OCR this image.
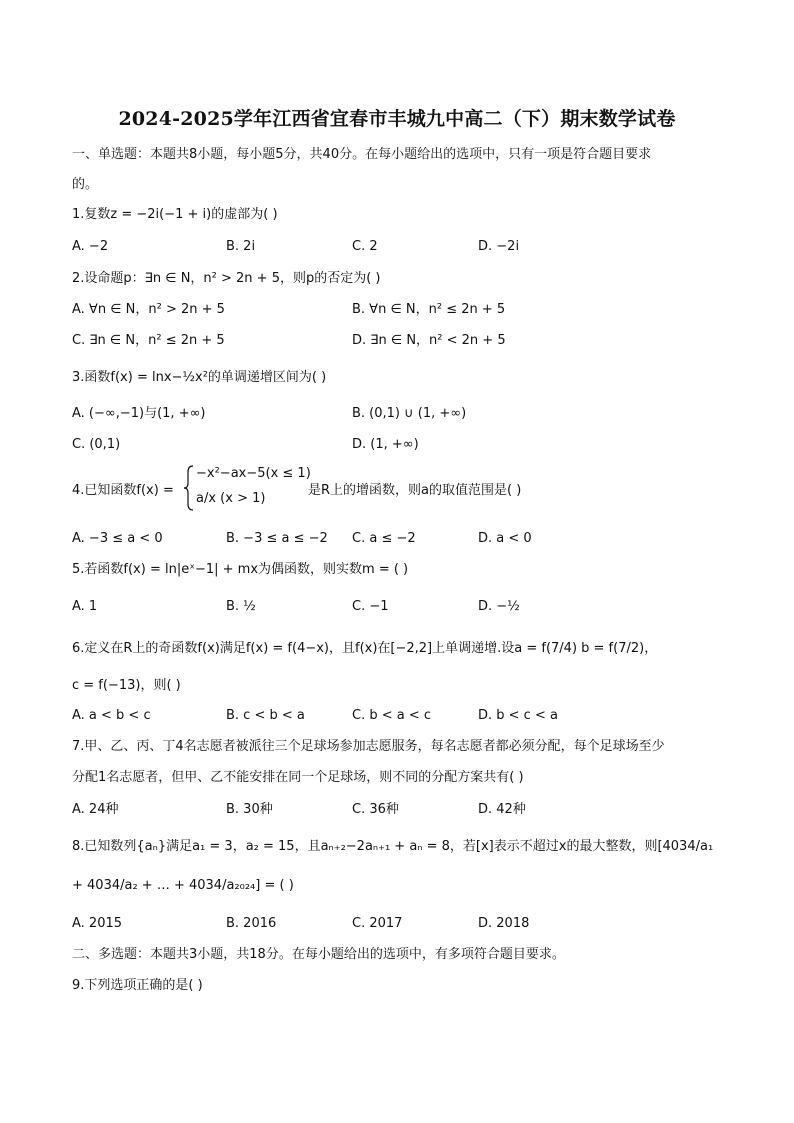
2024-2025学年江西省宜春市丰城九中高二（下）期末数学试卷
一、单选题：本题共8小题，每小题5分，共40分。在每小题给出的选项中，只有一项是符合题目要求
的。
1.复数z = −2i(−1 + i)的虚部为( )
A. −2	B. 2i	C. 2	D. −2i
2.设命题p：∃n ∈ N，n² > 2n + 5，则p的否定为( )
A. ∀n ∈ N，n² > 2n + 5	B. ∀n ∈ N，n² ≤ 2n + 5
C. ∃n ∈ N，n² ≤ 2n + 5	D. ∃n ∈ N，n² < 2n + 5
3.函数f(x) = lnx−½x²的单调递增区间为( )
A. (−∞,−1)与(1, +∞)	B. (0,1) ∪ (1, +∞)
C. (0,1)	D. (1, +∞)
4.已知函数f(x) =
−x²−ax−5(x ≤ 1)
a/x (x > 1)
是R上的增函数，则a的取值范围是( )
A. −3 ≤ a < 0	B. −3 ≤ a ≤ −2 C. a ≤ −2	D. a < 0
5.若函数f(x) = ln|eˣ−1| + mx为偶函数，则实数m = ( )
A. 1	B. ½	C. −1	D. −½
6.定义在R上的奇函数f(x)满足f(x) = f(4−x)，且f(x)在[−2,2]上单调递增.设a = f(7/4) b = f(7/2)，
c = f(−13)，则( )
A. a < b < c	B. c < b < a	C. b < a < c	D. b < c < a
7.甲、乙、丙、丁4名志愿者被派往三个足球场参加志愿服务，每名志愿者都必须分配，每个足球场至少
分配1名志愿者，但甲、乙不能安排在同一个足球场，则不同的分配方案共有( )
A. 24种	B. 30种	C. 36种	D. 42种
8.已知数列{aₙ}满足a₁ = 3，a₂ = 15，且aₙ₊₂−2aₙ₊₁ + aₙ = 8，若[x]表示不超过x的最大整数，则[4034/a₁
+ 4034/a₂ + … + 4034/a₂₀₂₄] = ( )
A. 2015	B. 2016	C. 2017	D. 2018
二、多选题：本题共3小题，共18分。在每小题给出的选项中，有多项符合题目要求。
9.下列选项正确的是( )
